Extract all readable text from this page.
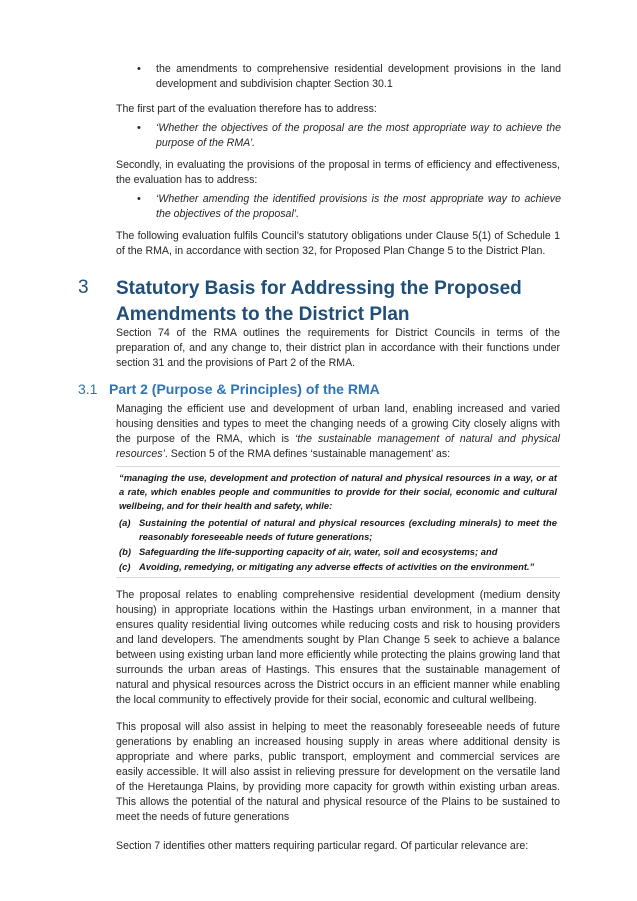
• the amendments to comprehensive residential development provisions in the land development and subdivision chapter Section 30.1

The first part of the evaluation therefore has to address:

• ‘Whether the objectives of the proposal are the most appropriate way to achieve the purpose of the RMA’.

Secondly, in evaluating the provisions of the proposal in terms of efficiency and effectiveness, the evaluation has to address:

• ‘Whether amending the identified provisions is the most appropriate way to achieve the objectives of the proposal’.

The following evaluation fulfils Council’s statutory obligations under Clause 5(1) of Schedule 1 of the RMA, in accordance with section 32, for Proposed Plan Change 5 to the District Plan.

3 Statutory Basis for Addressing the Proposed Amendments to the District Plan

Section 74 of the RMA outlines the requirements for District Councils in terms of the preparation of, and any change to, their district plan in accordance with their functions under section 31 and the provisions of Part 2 of the RMA.

3.1 Part 2 (Purpose & Principles) of the RMA

Managing the efficient use and development of urban land, enabling increased and varied housing densities and types to meet the changing needs of a growing City closely aligns with the purpose of the RMA, which is ‘the sustainable management of natural and physical resources’. Section 5 of the RMA defines ‘sustainable management’ as:

“managing the use, development and protection of natural and physical resources in a way, or at a rate, which enables people and communities to provide for their social, economic and cultural wellbeing, and for their health and safety, while:

(a) Sustaining the potential of natural and physical resources (excluding minerals) to meet the reasonably foreseeable needs of future generations;

(b) Safeguarding the life-supporting capacity of air, water, soil and ecosystems; and

(c) Avoiding, remedying, or mitigating any adverse effects of activities on the environment.”

The proposal relates to enabling comprehensive residential development (medium density housing) in appropriate locations within the Hastings urban environment, in a manner that ensures quality residential living outcomes while reducing costs and risk to housing providers and land developers. The amendments sought by Plan Change 5 seek to achieve a balance between using existing urban land more efficiently while protecting the plains growing land that surrounds the urban areas of Hastings. This ensures that the sustainable management of natural and physical resources across the District occurs in an efficient manner while enabling the local community to effectively provide for their social, economic and cultural wellbeing.

This proposal will also assist in helping to meet the reasonably foreseeable needs of future generations by enabling an increased housing supply in areas where additional density is appropriate and where parks, public transport, employment and commercial services are easily accessible. It will also assist in relieving pressure for development on the versatile land of the Heretaunga Plains, by providing more capacity for growth within existing urban areas. This allows the potential of the natural and physical resource of the Plains to be sustained to meet the needs of future generations

Section 7 identifies other matters requiring particular regard. Of particular relevance are:
